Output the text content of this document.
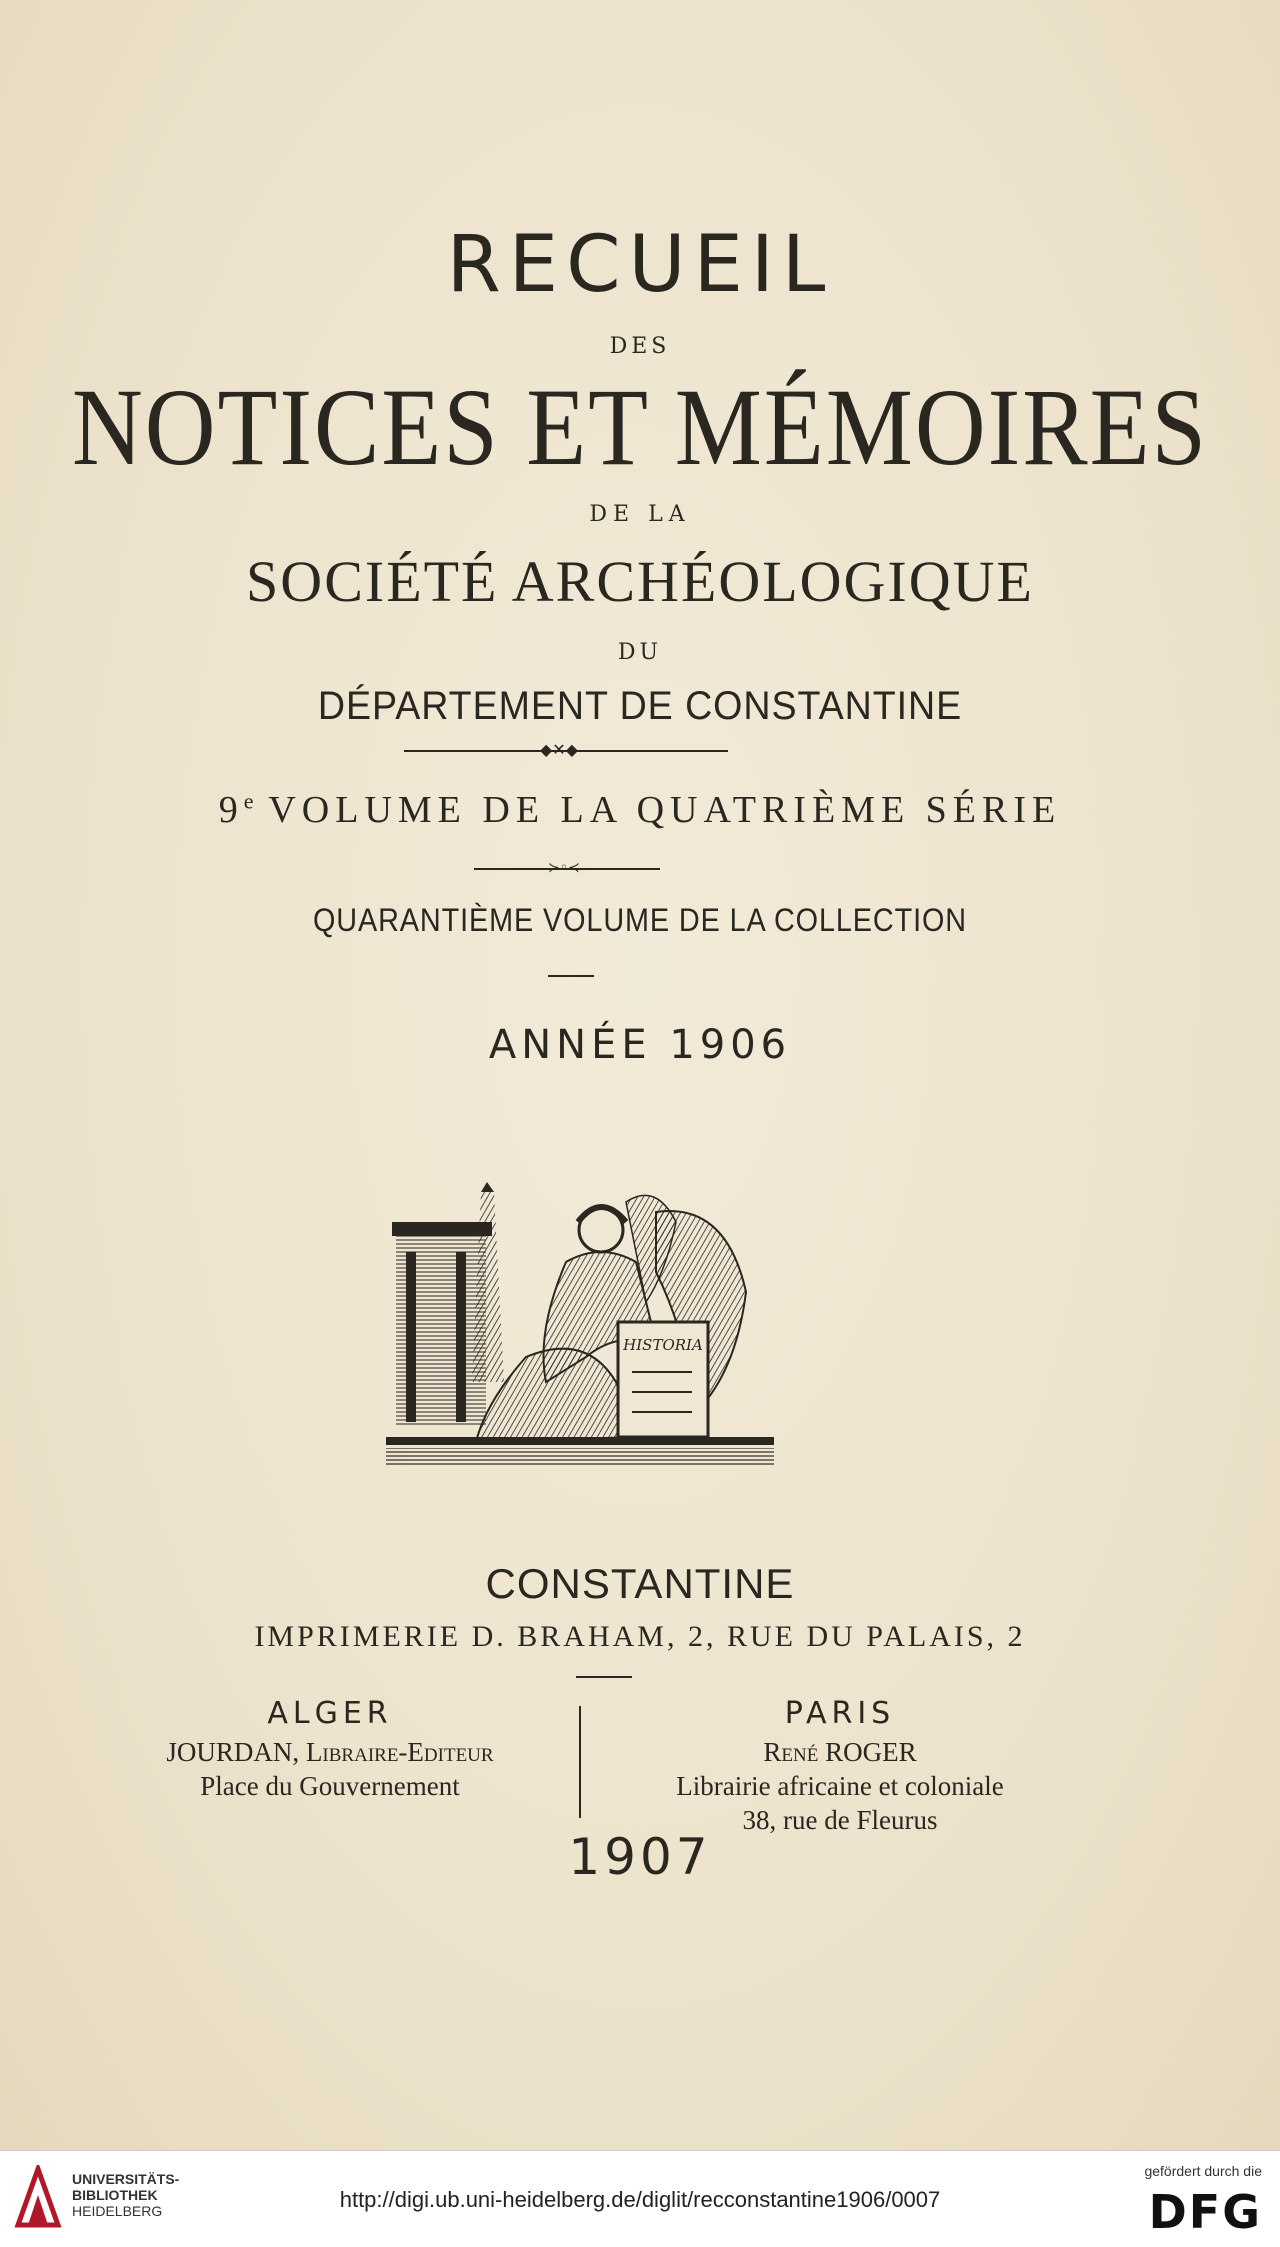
RECUEIL
DES
NOTICES ET MÉMOIRES
DE LA
SOCIÉTÉ ARCHÉOLOGIQUE
DU
DÉPARTEMENT DE CONSTANTINE
◆✕◆
9e VOLUME DE LA QUATRIÈME SÉRIE
≻◦≺
QUARANTIÈME VOLUME DE LA COLLECTION
ANNÉE 1906
HISTORIA
CONSTANTINE
IMPRIMERIE D. BRAHAM, 2, RUE DU PALAIS, 2
ALGER
JOURDAN, Libraire-Editeur
Place du Gouvernement
PARIS
René ROGER
Librairie africaine et coloniale
38, rue de Fleurus
1907
UNIVERSITÄTS-
BIBLIOTHEK
HEIDELBERG	http://digi.ub.uni-heidelberg.de/diglit/recconstantine1906/0007
gefördert durch die
DFG
